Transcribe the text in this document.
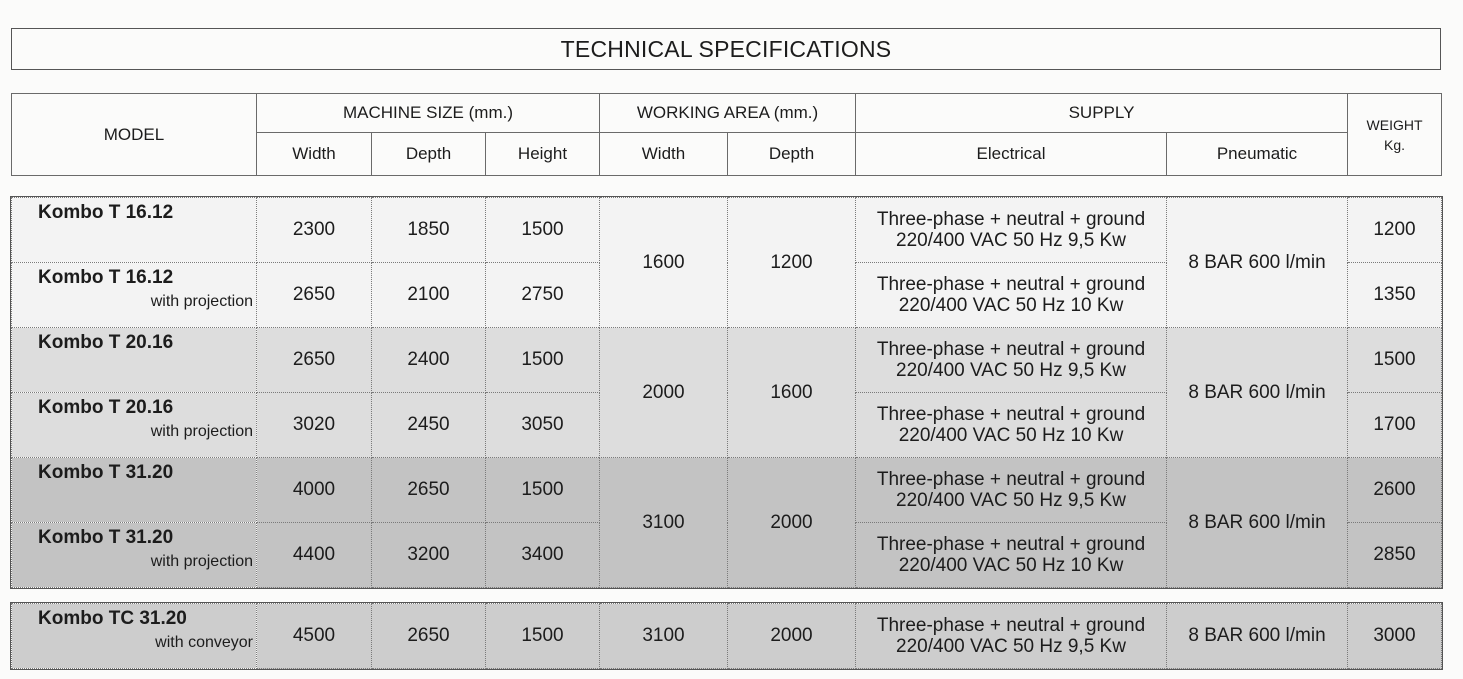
TECHNICAL SPECIFICATIONS
MODEL	MACHINE SIZE (mm.)			WORKING AREA (mm.)		SUPPLY		WEIGHT
Kg.
	Width	Depth	Height	Width	Depth	Electrical	Pneumatic	
Kombo T 16.12	2300	1850	1500	1600	1200	Three-phase + neutral + ground
220/400 VAC 50 Hz 9,5 Kw	8 BAR 600 l/min	1200

Kombo T 16.12
with projection	2650	2100	2750			Three-phase + neutral + ground
220/400 VAC 50 Hz 10 Kw		1350

Kombo T 20.16	2650	2400	1500	2000	1600	Three-phase + neutral + ground
220/400 VAC 50 Hz 9,5 Kw	8 BAR 600 l/min	1500

Kombo T 20.16
with projection	3020	2450	3050			Three-phase + neutral + ground
220/400 VAC 50 Hz 10 Kw		1700

Kombo T 31.20	4000	2650	1500	3100	2000	Three-phase + neutral + ground
220/400 VAC 50 Hz 9,5 Kw	8 BAR 600 l/min	2600

Kombo T 31.20
with projection	4400	3200	3400			Three-phase + neutral + ground
220/400 VAC 50 Hz 10 Kw		2850
Kombo TC 31.20
with conveyor	4500	2650	1500	3100	2000	Three-phase + neutral + ground
220/400 VAC 50 Hz 9,5 Kw	8 BAR 600 l/min	3000
